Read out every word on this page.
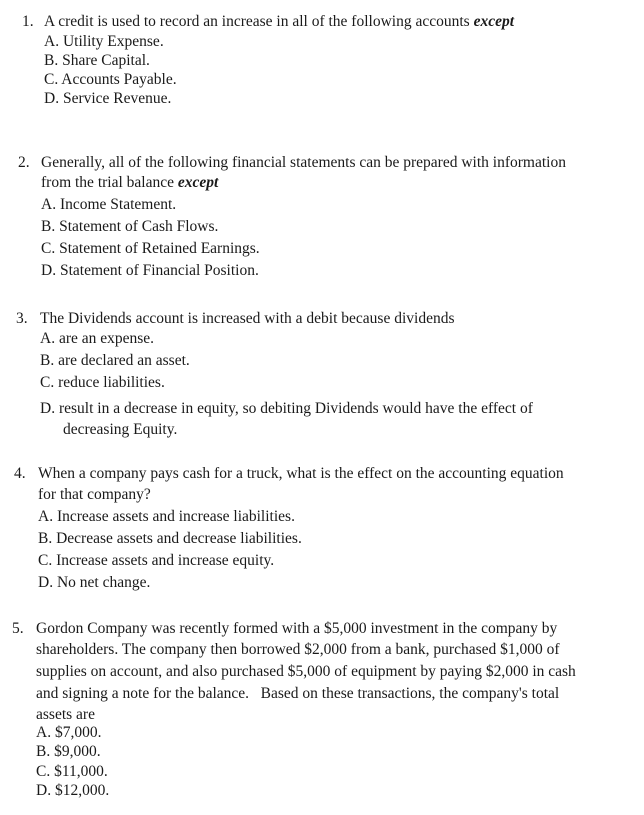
1. A credit is used to record an increase in all of the following accounts except
A. Utility Expense.
B. Share Capital.
C. Accounts Payable.
D. Service Revenue.
2. Generally, all of the following financial statements can be prepared with information
from the trial balance except
A. Income Statement.
B. Statement of Cash Flows.
C. Statement of Retained Earnings.
D. Statement of Financial Position.
3. The Dividends account is increased with a debit because dividends
A. are an expense.
B. are declared an asset.
C. reduce liabilities.
D. result in a decrease in equity, so debiting Dividends would have the effect of
decreasing Equity.
4. When a company pays cash for a truck, what is the effect on the accounting equation
for that company?
A. Increase assets and increase liabilities.
B. Decrease assets and decrease liabilities.
C. Increase assets and increase equity.
D. No net change.
5. Gordon Company was recently formed with a $5,000 investment in the company by
shareholders. The company then borrowed $2,000 from a bank, purchased $1,000 of
supplies on account, and also purchased $5,000 of equipment by paying $2,000 in cash
and signing a note for the balance.   Based on these transactions, the company's total
assets are
A. $7,000.
B. $9,000.
C. $11,000.
D. $12,000.
